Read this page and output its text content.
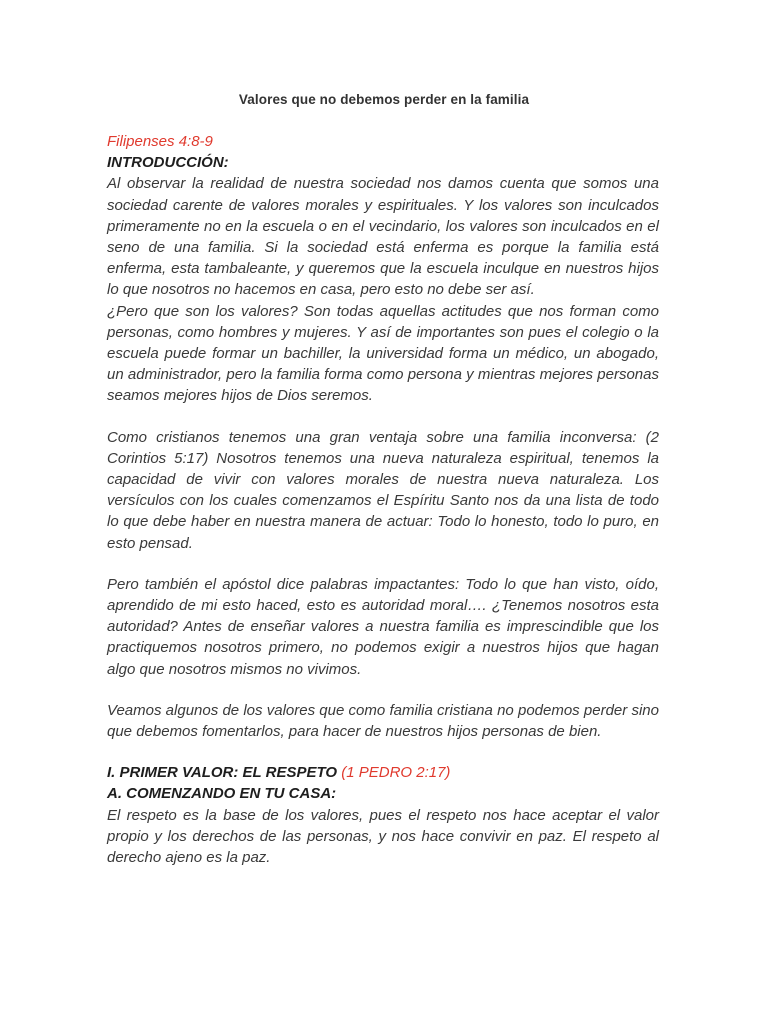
Valores que no debemos perder en la familia

Filipenses 4:8-9

INTRODUCCIÓN:

Al observar la realidad de nuestra sociedad nos damos cuenta que somos una sociedad carente de valores morales y espirituales. Y los valores son inculcados primeramente no en la escuela o en el vecindario, los valores son inculcados en el seno de una familia. Si la sociedad está enferma es porque la familia está enferma, esta tambaleante, y queremos que la escuela inculque en nuestros hijos lo que nosotros no hacemos en casa, pero esto no debe ser así.

¿Pero que son los valores? Son todas aquellas actitudes que nos forman como personas, como hombres y mujeres. Y así de importantes son pues el colegio o la escuela puede formar un bachiller, la universidad forma un médico, un abogado, un administrador, pero la familia forma como persona y mientras mejores personas seamos mejores hijos de Dios seremos.

Como cristianos tenemos una gran ventaja sobre una familia inconversa: (2 Corintios 5:17) Nosotros tenemos una nueva naturaleza espiritual, tenemos la capacidad de vivir con valores morales de nuestra nueva naturaleza. Los versículos con los cuales comenzamos el Espíritu Santo nos da una lista de todo lo que debe haber en nuestra manera de actuar: Todo lo honesto, todo lo puro, en esto pensad.

Pero también el apóstol dice palabras impactantes: Todo lo que han visto, oído, aprendido de mi esto haced, esto es autoridad moral…. ¿Tenemos nosotros esta autoridad? Antes de enseñar valores a nuestra familia es imprescindible que los practiquemos nosotros primero, no podemos exigir a nuestros hijos que hagan algo que nosotros mismos no vivimos.

Veamos algunos de los valores que como familia cristiana no podemos perder sino que debemos fomentarlos, para hacer de nuestros hijos personas de bien.

I. PRIMER VALOR: EL RESPETO (1 PEDRO 2:17)

A. COMENZANDO EN TU CASA:

El respeto es la base de los valores, pues el respeto nos hace aceptar el valor propio y los derechos de las personas, y nos hace convivir en paz. El respeto al derecho ajeno es la paz.
